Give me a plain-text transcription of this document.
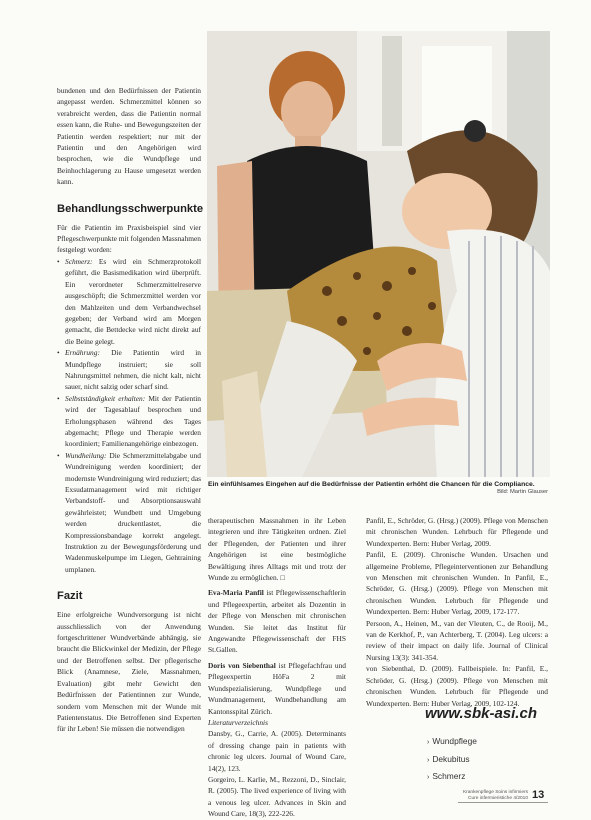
bundenen und den Bedürfnissen der Patientin angepasst werden. Schmerzmittel können so verabreicht werden, dass die Patientin normal essen kann, die Ruhe- und Bewegungszeiten der Patientin werden respektiert; nur mit der Patientin und den Angehörigen wird besprochen, wie die Wundpflege und Beinhochlagerung zu Hause umgesetzt werden kann.

Behandlungsschwerpunkte

Für die Patientin im Praxisbeispiel sind vier Pflegeschwerpunkte mit folgenden Massnahmen festgelegt worden:

• Schmerz: Es wird ein Schmerzprotokoll geführt, die Basismedikation wird überprüft. Ein verordneter Schmerzmittelreserve ausgeschöpft; die Schmerzmittel werden vor den Mahlzeiten und dem Verbandwechsel gegeben; der Verband wird am Morgen gemacht, die Bettdecke wird nicht direkt auf die Beine gelegt.
• Ernährung: Die Patientin wird in Mundpflege instruiert; sie soll Nahrungsmittel nehmen, die nicht kalt, nicht sauer, nicht salzig oder scharf sind.
• Selbstständigkeit erhalten: Mit der Patientin wird der Tagesablauf besprochen und Erholungsphasen während des Tages abgemacht; Pflege und Therapie werden koordiniert; Familienangehörige einbezogen.
• Wundheilung: Die Schmerzmittelabgabe und Wundreinigung werden koordiniert; der modernste Wundreinigung wird reduziert; das Exsudatmanagement wird mit richtiger Verbandstoff- und Absorptionsauswahl gewährleistet; Wundbett und Umgebung werden druckentlastet, die Kompressionsbandage korrekt angelegt. Instruktion zu der Bewegungsförderung und Wadenmuskelpumpe im Liegen, Gehtraining umplanen.
Fazit

Eine erfolgreiche Wundversorgung ist nicht ausschliesslich von der Anwendung fortgeschrittener Wundverbände abhängig, sie braucht die Blickwinkel der Medizin, der Pflege und der Betroffenen selbst. Der pflegerische Blick (Anamnese, Ziele, Massnahmen, Evaluation) gibt mehr Gewicht den Bedürfnissen der Patientinnen zur Wunde, sondern vom Menschen mit der Wunde mit Patientenstatus. Die Betroffenen sind Experten für ihr Leben! Sie müssen die notwendigen

Ein einfühlsames Eingehen auf die Bedürfnisse der Patientin erhöht die Chancen für die Compliance.
Bild: Martin Glauser

therapeutischen Massnahmen in ihr Leben integrieren und ihre Tätigkeiten ordnen. Ziel der Pflegenden, der Patienten und ihrer Angehörigen ist eine bestmögliche Bewältigung ihres Alltags mit und trotz der Wunde zu ermöglichen. □

Eva-Maria Panfil ist Pflegewissenschaftlerin und Pflegeexpertin, arbeitet als Dozentin in der Pflege von Menschen mit chronischen Wunden. Sie leitet das Institut für Angewandte Pflegewissenschaft der FHS St.Gallen.

Doris von Siebenthal ist Pflegefachfrau und Pflegeexpertin HöFa 2 mit Wundspezialisierung, Wundpflege und Wundmanagement, Wundbehandlung am Kantonsspital Zürich.

Literaturverzeichnis

Dansby, G., Carrie, A. (2005). Determinants of dressing change pain in patients with chronic leg ulcers. Journal of Wound Care, 14(2), 123.

Gorgeiro, L. Karlie, M., Rezzoni, D., Sinclair, R. (2005). The lived experience of living with a venous leg ulcer. Advances in Skin and Wound Care, 18(3), 222-226.

Panfil, E., Schröder, G. (Hrsg.) (2009). Pflege von Menschen mit chronischen Wunden. Lehrbuch für Pflegende und Wundexperten. Bern: Huber Verlag, 2009.

Panfil, E. (2009). Chronische Wunden. Ursachen und allgemeine Probleme, Pflegeinterventionen zur Behandlung von Menschen mit chronischen Wunden. In Panfil, E., Schröder, G. (Hrsg.) (2009). Pflege von Menschen mit chronischen Wunden. Lehrbuch für Pflegende und Wundexperten. Bern: Huber Verlag, 2009, 172-177.

Persoon, A., Heinen, M., van der Vleuten, C., de Rooij, M., van de Kerkhof, P., van Achterberg, T. (2004). Leg ulcers: a review of their impact on daily life. Journal of Clinical Nursing 13(3): 341-354.

von Siebenthal, D. (2009). Fallbeispiele. In: Panfil, E., Schröder, G. (Hrsg.) (2009). Pflege von Menschen mit chronischen Wunden. Lehrbuch für Pflegende und Wundexperten. Bern: Huber Verlag, 2009, 102-124.

www.sbk-asi.ch
› Wundpflege
› Dekubitus
› Schmerz
Krankenpflege Soins infirmiers
Cure infermieristiche 4/2010 13
